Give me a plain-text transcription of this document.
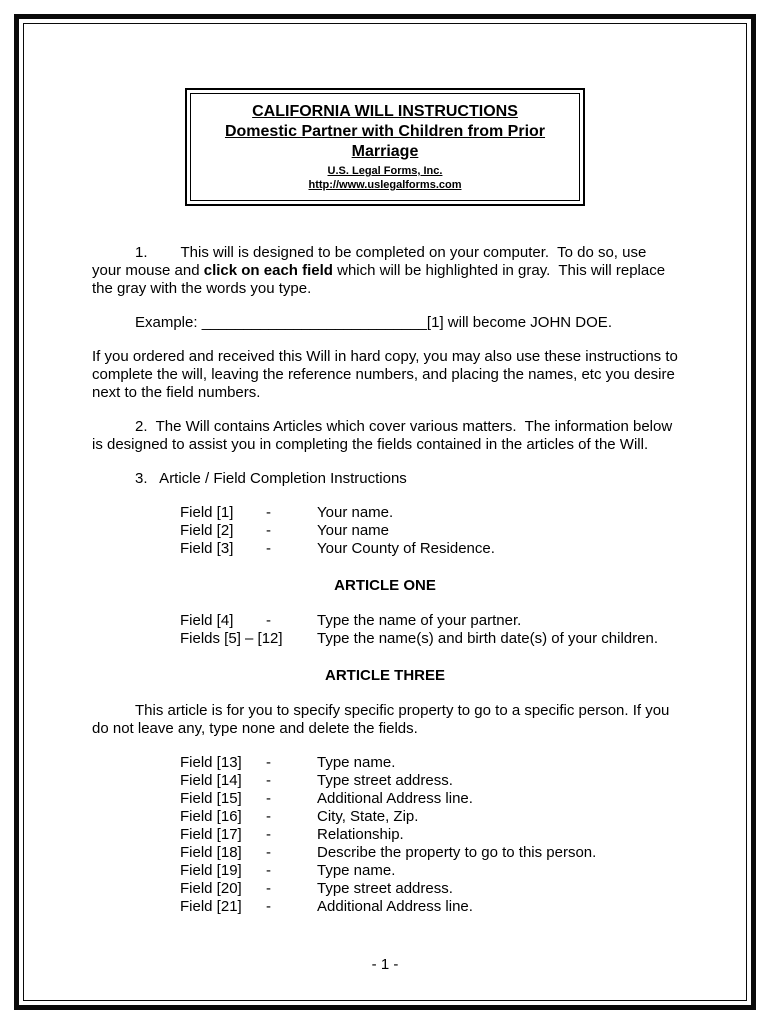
CALIFORNIA WILL INSTRUCTIONS
Domestic Partner with Children from Prior Marriage
U.S. Legal Forms, Inc.
http://www.uslegalforms.com

1. This will is designed to be completed on your computer.  To do so, use your mouse and click on each field which will be highlighted in gray.  This will replace the gray with the words you type.

Example: ___________________________[1] will become JOHN DOE.

If you ordered and received this Will in hard copy, you may also use these instructions to complete the will, leaving the reference numbers, and placing the names, etc you desire next to the field numbers.

2.  The Will contains Articles which cover various matters.  The information below is designed to assist you in completing the fields contained in the articles of the Will.

3.   Article / Field Completion Instructions

Field [1] -	Your name.
Field [2] -	Your name
Field [3] -	Your County of Residence.
ARTICLE ONE
Field [4] -	Type the name of your partner.
Fields [5] – [12] Type the name(s) and birth date(s) of your children.
ARTICLE THREE

This article is for you to specify specific property to go to a specific person. If you do not leave any, type none and delete the fields.

Field [13] -	Type name.
Field [14] -	Type street address.
Field [15] -	Additional Address line.
Field [16] -	City, State, Zip.
Field [17] -	Relationship.
Field [18] -	Describe the property to go to this person.
Field [19] -	Type name.
Field [20] -	Type street address.
Field [21] -	Additional Address line.
- 1 -
